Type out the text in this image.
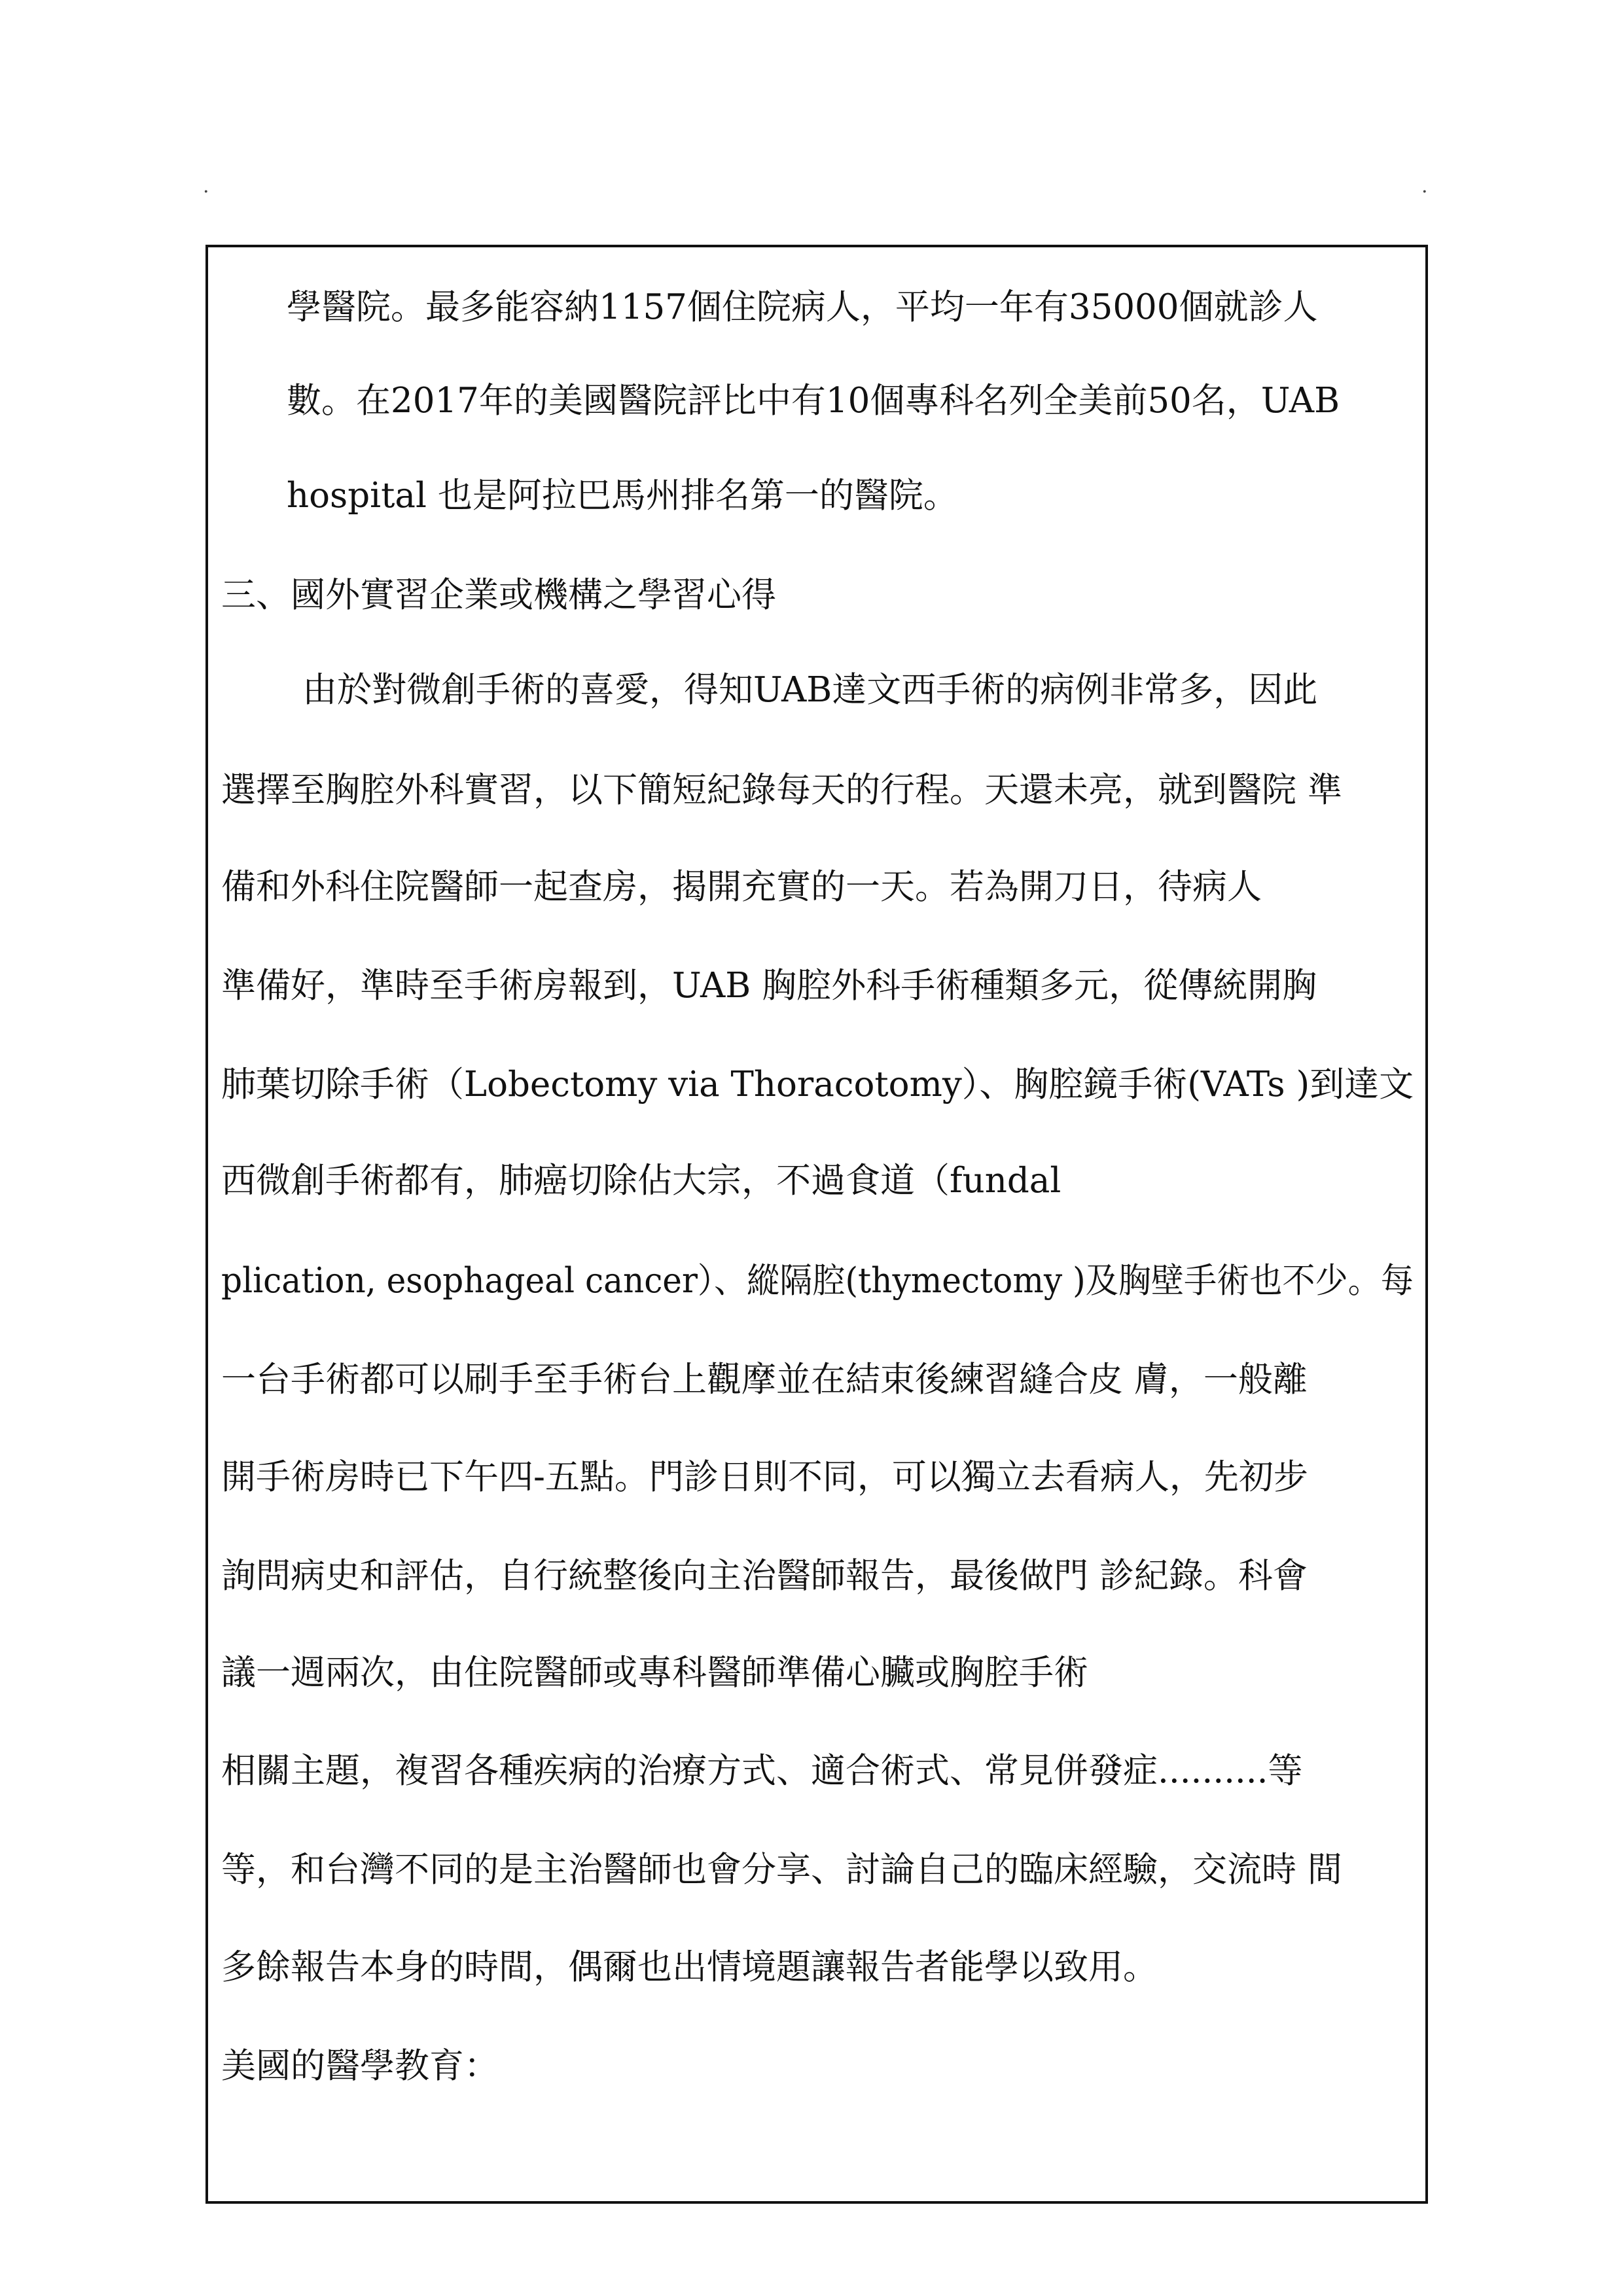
.	.
學醫院。最多能容納1157個住院病人，平均一年有35000個就診人
數。在2017年的美國醫院評比中有10個專科名列全美前50名，UAB
hospital 也是阿拉巴馬州排名第一的醫院。
三、國外實習企業或機構之學習心得
由於對微創手術的喜愛，得知UAB達文西手術的病例非常多，因此
選擇至胸腔外科實習，以下簡短紀錄每天的行程。天還未亮，就到醫院 準
備和外科住院醫師一起查房，揭開充實的一天。若為開刀日，待病人
準備好，準時至手術房報到，UAB 胸腔外科手術種類多元，從傳統開胸
肺葉切除手術（Lobectomy via Thoracotomy）、胸腔鏡手術(VATs )到達文
西微創手術都有，肺癌切除佔大宗，不過食道（fundal
plication, esophageal cancer）、縱隔腔(thymectomy )及胸壁手術也不少。每
一台手術都可以刷手至手術台上觀摩並在結束後練習縫合皮 膚，一般離
開手術房時已下午四-五點。門診日則不同，可以獨立去看病人，先初步
詢問病史和評估，自行統整後向主治醫師報告，最後做門 診紀錄。科會
議一週兩次，由住院醫師或專科醫師準備心臟或胸腔手術
相關主題，複習各種疾病的治療方式、適合術式、常見併發症..........等
等，和台灣不同的是主治醫師也會分享、討論自己的臨床經驗，交流時 間
多餘報告本身的時間，偶爾也出情境題讓報告者能學以致用。
美國的醫學教育：
